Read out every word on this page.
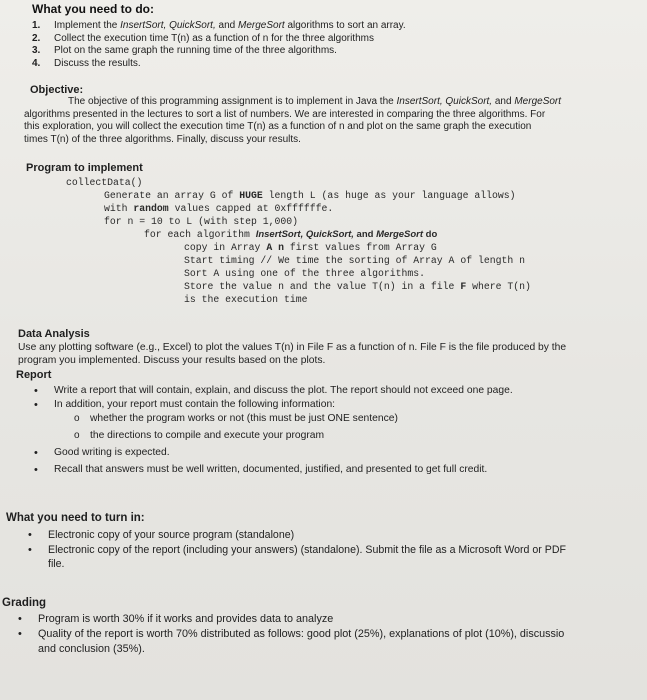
What you need to do:
1. Implement the InsertSort, QuickSort, and MergeSort algorithms to sort an array.
2. Collect the execution time T(n) as a function of n for the three algorithms
3. Plot on the same graph the running time of the three algorithms.
4. Discuss the results.
Objective:
The objective of this programming assignment is to implement in Java the InsertSort, QuickSort, and MergeSort
algorithms presented in the lectures to sort a list of numbers. We are interested in comparing the three algorithms. For
this exploration, you will collect the execution time T(n) as a function of n and plot on the same graph the execution
times T(n) of the three algorithms. Finally, discuss your results.
Program to implement
collectData()
Generate an array G of HUGE length L (as huge as your language allows)
with random values capped at 0xffffffe.
for n = 10 to L (with step 1,000)
for each algorithm InsertSort, QuickSort, and MergeSort do
copy in Array A n first values from Array G
Start timing // We time the sorting of Array A of length n
Sort A using one of the three algorithms.
Store the value n and the value T(n) in a file F where T(n)
is the execution time
Data Analysis
Use any plotting software (e.g., Excel) to plot the values T(n) in File F as a function of n. File F is the file produced by the
program you implemented. Discuss your results based on the plots.
Report
•	Write a report that will contain, explain, and discuss the plot. The report should not exceed one page.
•	In addition, your report must contain the following information:
o	whether the program works or not (this must be just ONE sentence)
o	the directions to compile and execute your program
•	Good writing is expected.
•	Recall that answers must be well written, documented, justified, and presented to get full credit.
What you need to turn in:
•	Electronic copy of your source program (standalone)
•	Electronic copy of the report (including your answers) (standalone). Submit the file as a Microsoft Word or PDF
file.
Grading
•	Program is worth 30% if it works and provides data to analyze
•	Quality of the report is worth 70% distributed as follows: good plot (25%), explanations of plot (10%), discussio
and conclusion (35%).
